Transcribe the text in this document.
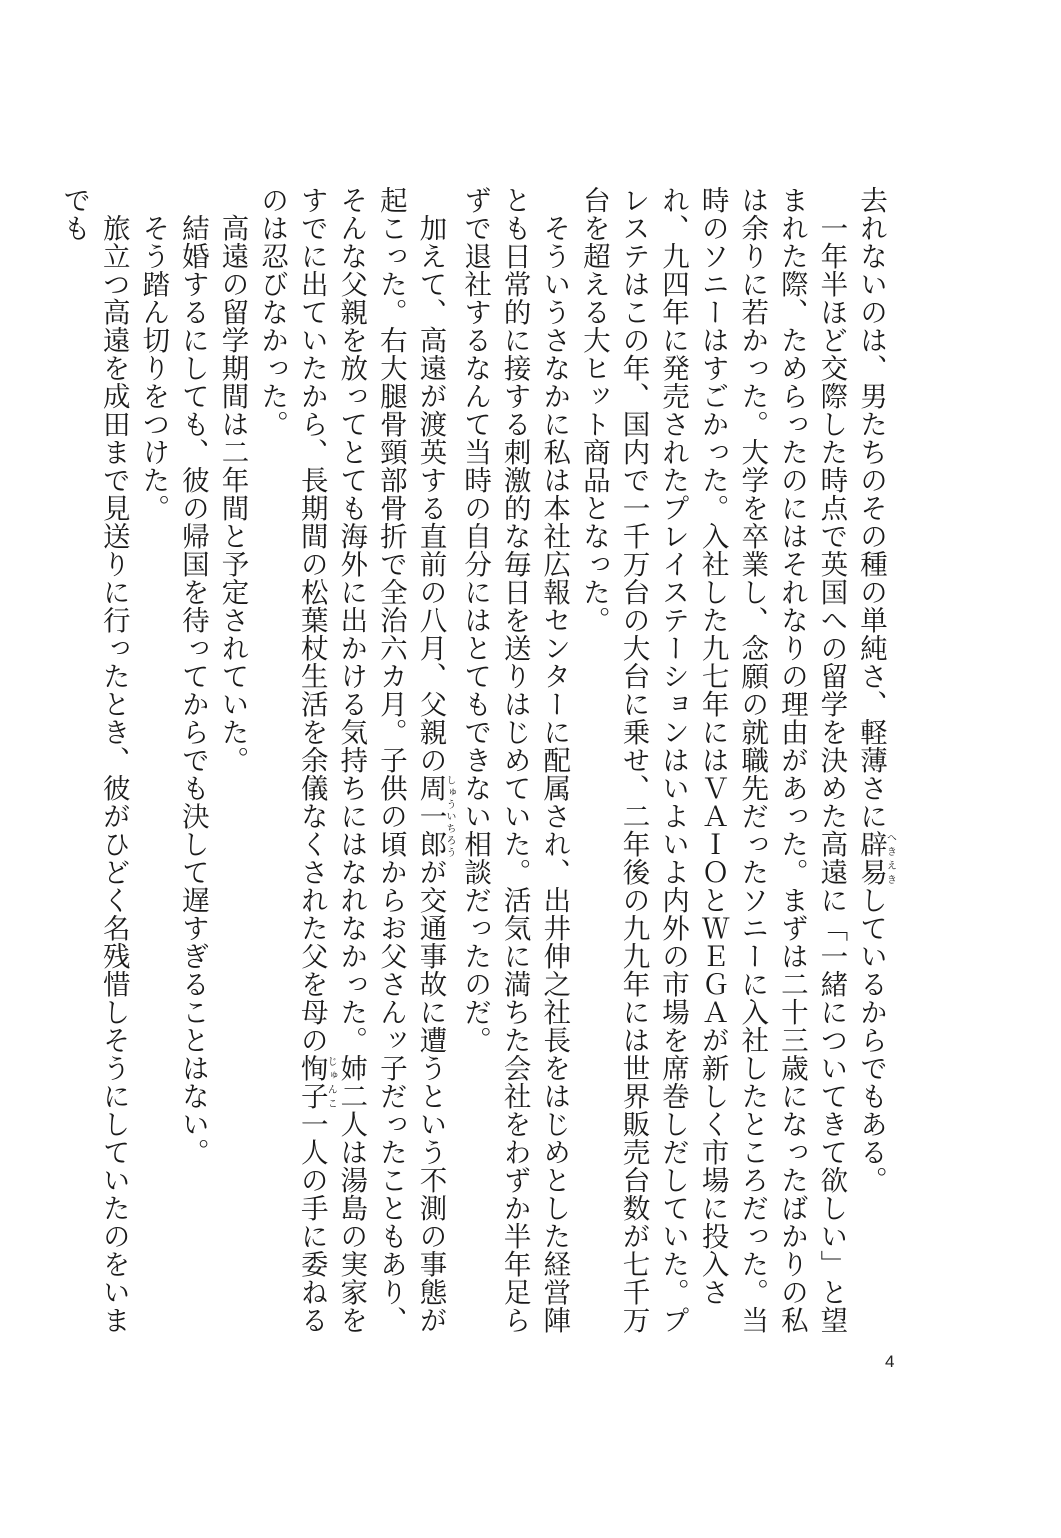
去れないのは、男たちのその種の単純さ、軽薄さに辟易へきえきしているからでもある。

一年半ほど交際した時点で英国への留学を決めた高遠に「一緒についてきて欲しい」と望まれた際、ためらったのにはそれなりの理由があった。まずは二十三歳になったばかりの私は余りに若かった。大学を卒業し、念願の就職先だったソニーに入社したところだった。当時のソニーはすごかった。入社した九七年にはＶＡＩＯとＷＥＧＡが新しく市場に投入され、九四年に発売されたプレイステーションはいよいよ内外の市場を席巻しだしていた。プレステはこの年、国内で一千万台の大台に乗せ、二年後の九九年には世界販売台数が七千万台を超える大ヒット商品となった。

そういうさなかに私は本社広報センターに配属され、出井伸之社長をはじめとした経営陣とも日常的に接する刺激的な毎日を送りはじめていた。活気に満ちた会社をわずか半年足らずで退社するなんて当時の自分にはとてもできない相談だったのだ。

加えて、高遠が渡英する直前の八月、父親の周一郎しゅういちろうが交通事故に遭うという不測の事態が起こった。右大腿骨頸部骨折で全治六カ月。子供の頃からお父さんッ子だったこともあり、そんな父親を放ってとても海外に出かける気持ちにはなれなかった。姉二人は湯島の実家をすでに出ていたから、長期間の松葉杖生活を余儀なくされた父を母の恂子じゅんこ一人の手に委ねるのは忍びなかった。

高遠の留学期間は二年間と予定されていた。

結婚するにしても、彼の帰国を待ってからでも決して遅すぎることはない。

そう踏ん切りをつけた。

旅立つ高遠を成田まで見送りに行ったとき、彼がひどく名残惜しそうにしていたのをいまでも

4
